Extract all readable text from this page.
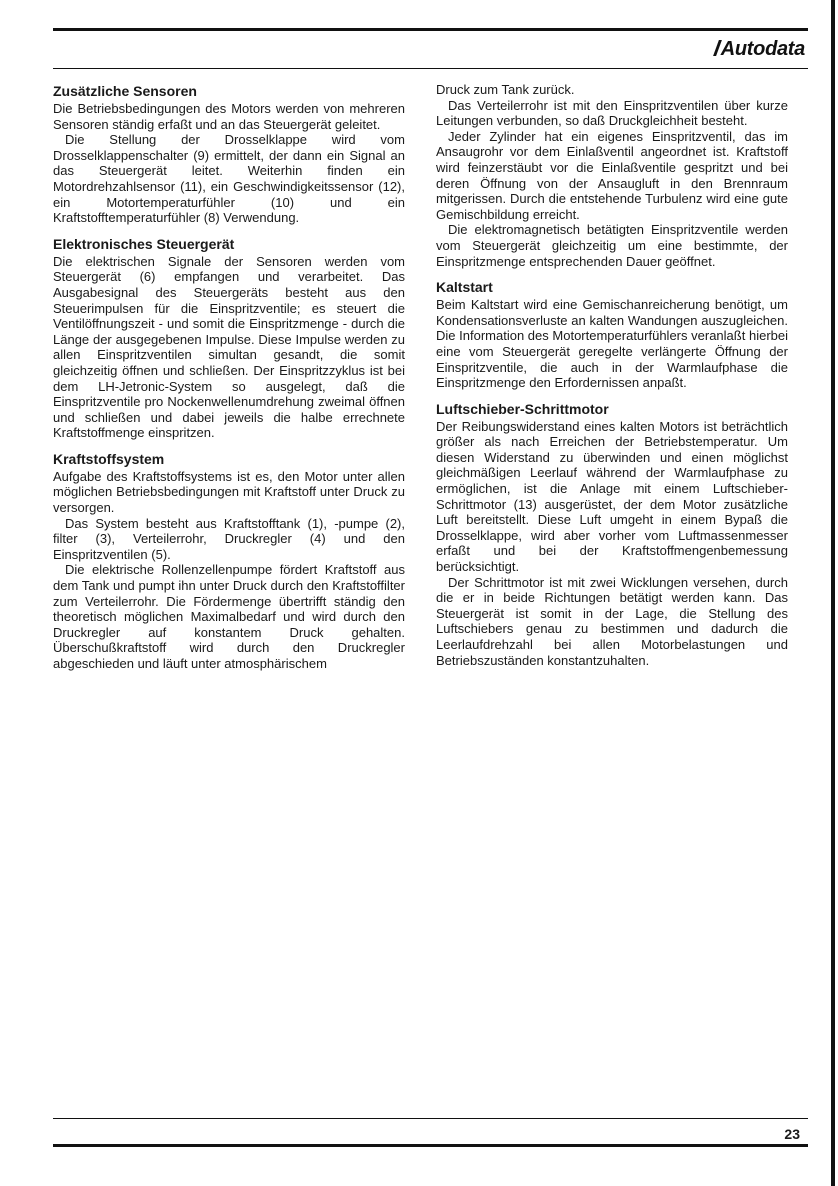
Autodata
Zusätzliche Sensoren

Die Betriebsbedingungen des Motors werden von mehreren Sensoren ständig erfaßt und an das Steuergerät geleitet.

Die Stellung der Drosselklappe wird vom Drosselklappenschalter (9) ermittelt, der dann ein Signal an das Steuergerät leitet. Weiterhin finden ein Motordrehzahlsensor (11), ein Geschwindigkeitssensor (12), ein Motortemperaturfühler (10) und ein Kraftstofftemperaturfühler (8) Verwendung.

Elektronisches Steuergerät

Die elektrischen Signale der Sensoren werden vom Steuergerät (6) empfangen und verarbeitet. Das Ausgabesignal des Steuergeräts besteht aus den Steuerimpulsen für die Einspritzventile; es steuert die Ventilöffnungszeit - und somit die Einspritzmenge - durch die Länge der ausgegebenen Impulse. Diese Impulse werden zu allen Einspritzventilen simultan gesandt, die somit gleichzeitig öffnen und schließen. Der Einspritzzyklus ist bei dem LH-Jetronic-System so ausgelegt, daß die Einspritzventile pro Nockenwellenumdrehung zweimal öffnen und schließen und dabei jeweils die halbe errechnete Kraftstoffmenge einspritzen.

Kraftstoffsystem

Aufgabe des Kraftstoffsystems ist es, den Motor unter allen möglichen Betriebsbedingungen mit Kraftstoff unter Druck zu versorgen.

Das System besteht aus Kraftstofftank (1), -pumpe (2), filter (3), Verteilerrohr, Druckregler (4) und den Einspritzventilen (5).

Die elektrische Rollenzellenpumpe fördert Kraftstoff aus dem Tank und pumpt ihn unter Druck durch den Kraftstoffilter zum Verteilerrohr. Die Fördermenge übertrifft ständig den theoretisch möglichen Maximalbedarf und wird durch den Druckregler auf konstantem Druck gehalten. Überschußkraftstoff wird durch den Druckregler abgeschieden und läuft unter atmosphärischem

Druck zum Tank zurück.

Das Verteilerrohr ist mit den Einspritzventilen über kurze Leitungen verbunden, so daß Druckgleichheit besteht.

Jeder Zylinder hat ein eigenes Einspritzventil, das im Ansaugrohr vor dem Einlaßventil angeordnet ist. Kraftstoff wird feinzerstäubt vor die Einlaßventile gespritzt und bei deren Öffnung von der Ansaugluft in den Brennraum mitgerissen. Durch die entstehende Turbulenz wird eine gute Gemischbildung erreicht.

Die elektromagnetisch betätigten Einspritzventile werden vom Steuergerät gleichzeitig um eine bestimmte, der Einspritzmenge entsprechenden Dauer geöffnet.

Kaltstart

Beim Kaltstart wird eine Gemischanreicherung benötigt, um Kondensationsverluste an kalten Wandungen auszugleichen. Die Information des Motortemperaturfühlers veranlaßt hierbei eine vom Steuergerät geregelte verlängerte Öffnung der Einspritzventile, die auch in der Warmlaufphase die Einspritzmenge den Erfordernissen anpaßt.

Luftschieber-Schrittmotor

Der Reibungswiderstand eines kalten Motors ist beträchtlich größer als nach Erreichen der Betriebstemperatur. Um diesen Widerstand zu überwinden und einen möglichst gleichmäßigen Leerlauf während der Warmlaufphase zu ermöglichen, ist die Anlage mit einem Luftschieber-Schrittmotor (13) ausgerüstet, der dem Motor zusätzliche Luft bereitstellt. Diese Luft umgeht in einem Bypaß die Drosselklappe, wird aber vorher vom Luftmassenmesser erfaßt und bei der Kraftstoffmengenbemessung berücksichtigt.

Der Schrittmotor ist mit zwei Wicklungen versehen, durch die er in beide Richtungen betätigt werden kann. Das Steuergerät ist somit in der Lage, die Stellung des Luftschiebers genau zu bestimmen und dadurch die Leerlaufdrehzahl bei allen Motorbelastungen und Betriebszuständen konstantzuhalten.

23
